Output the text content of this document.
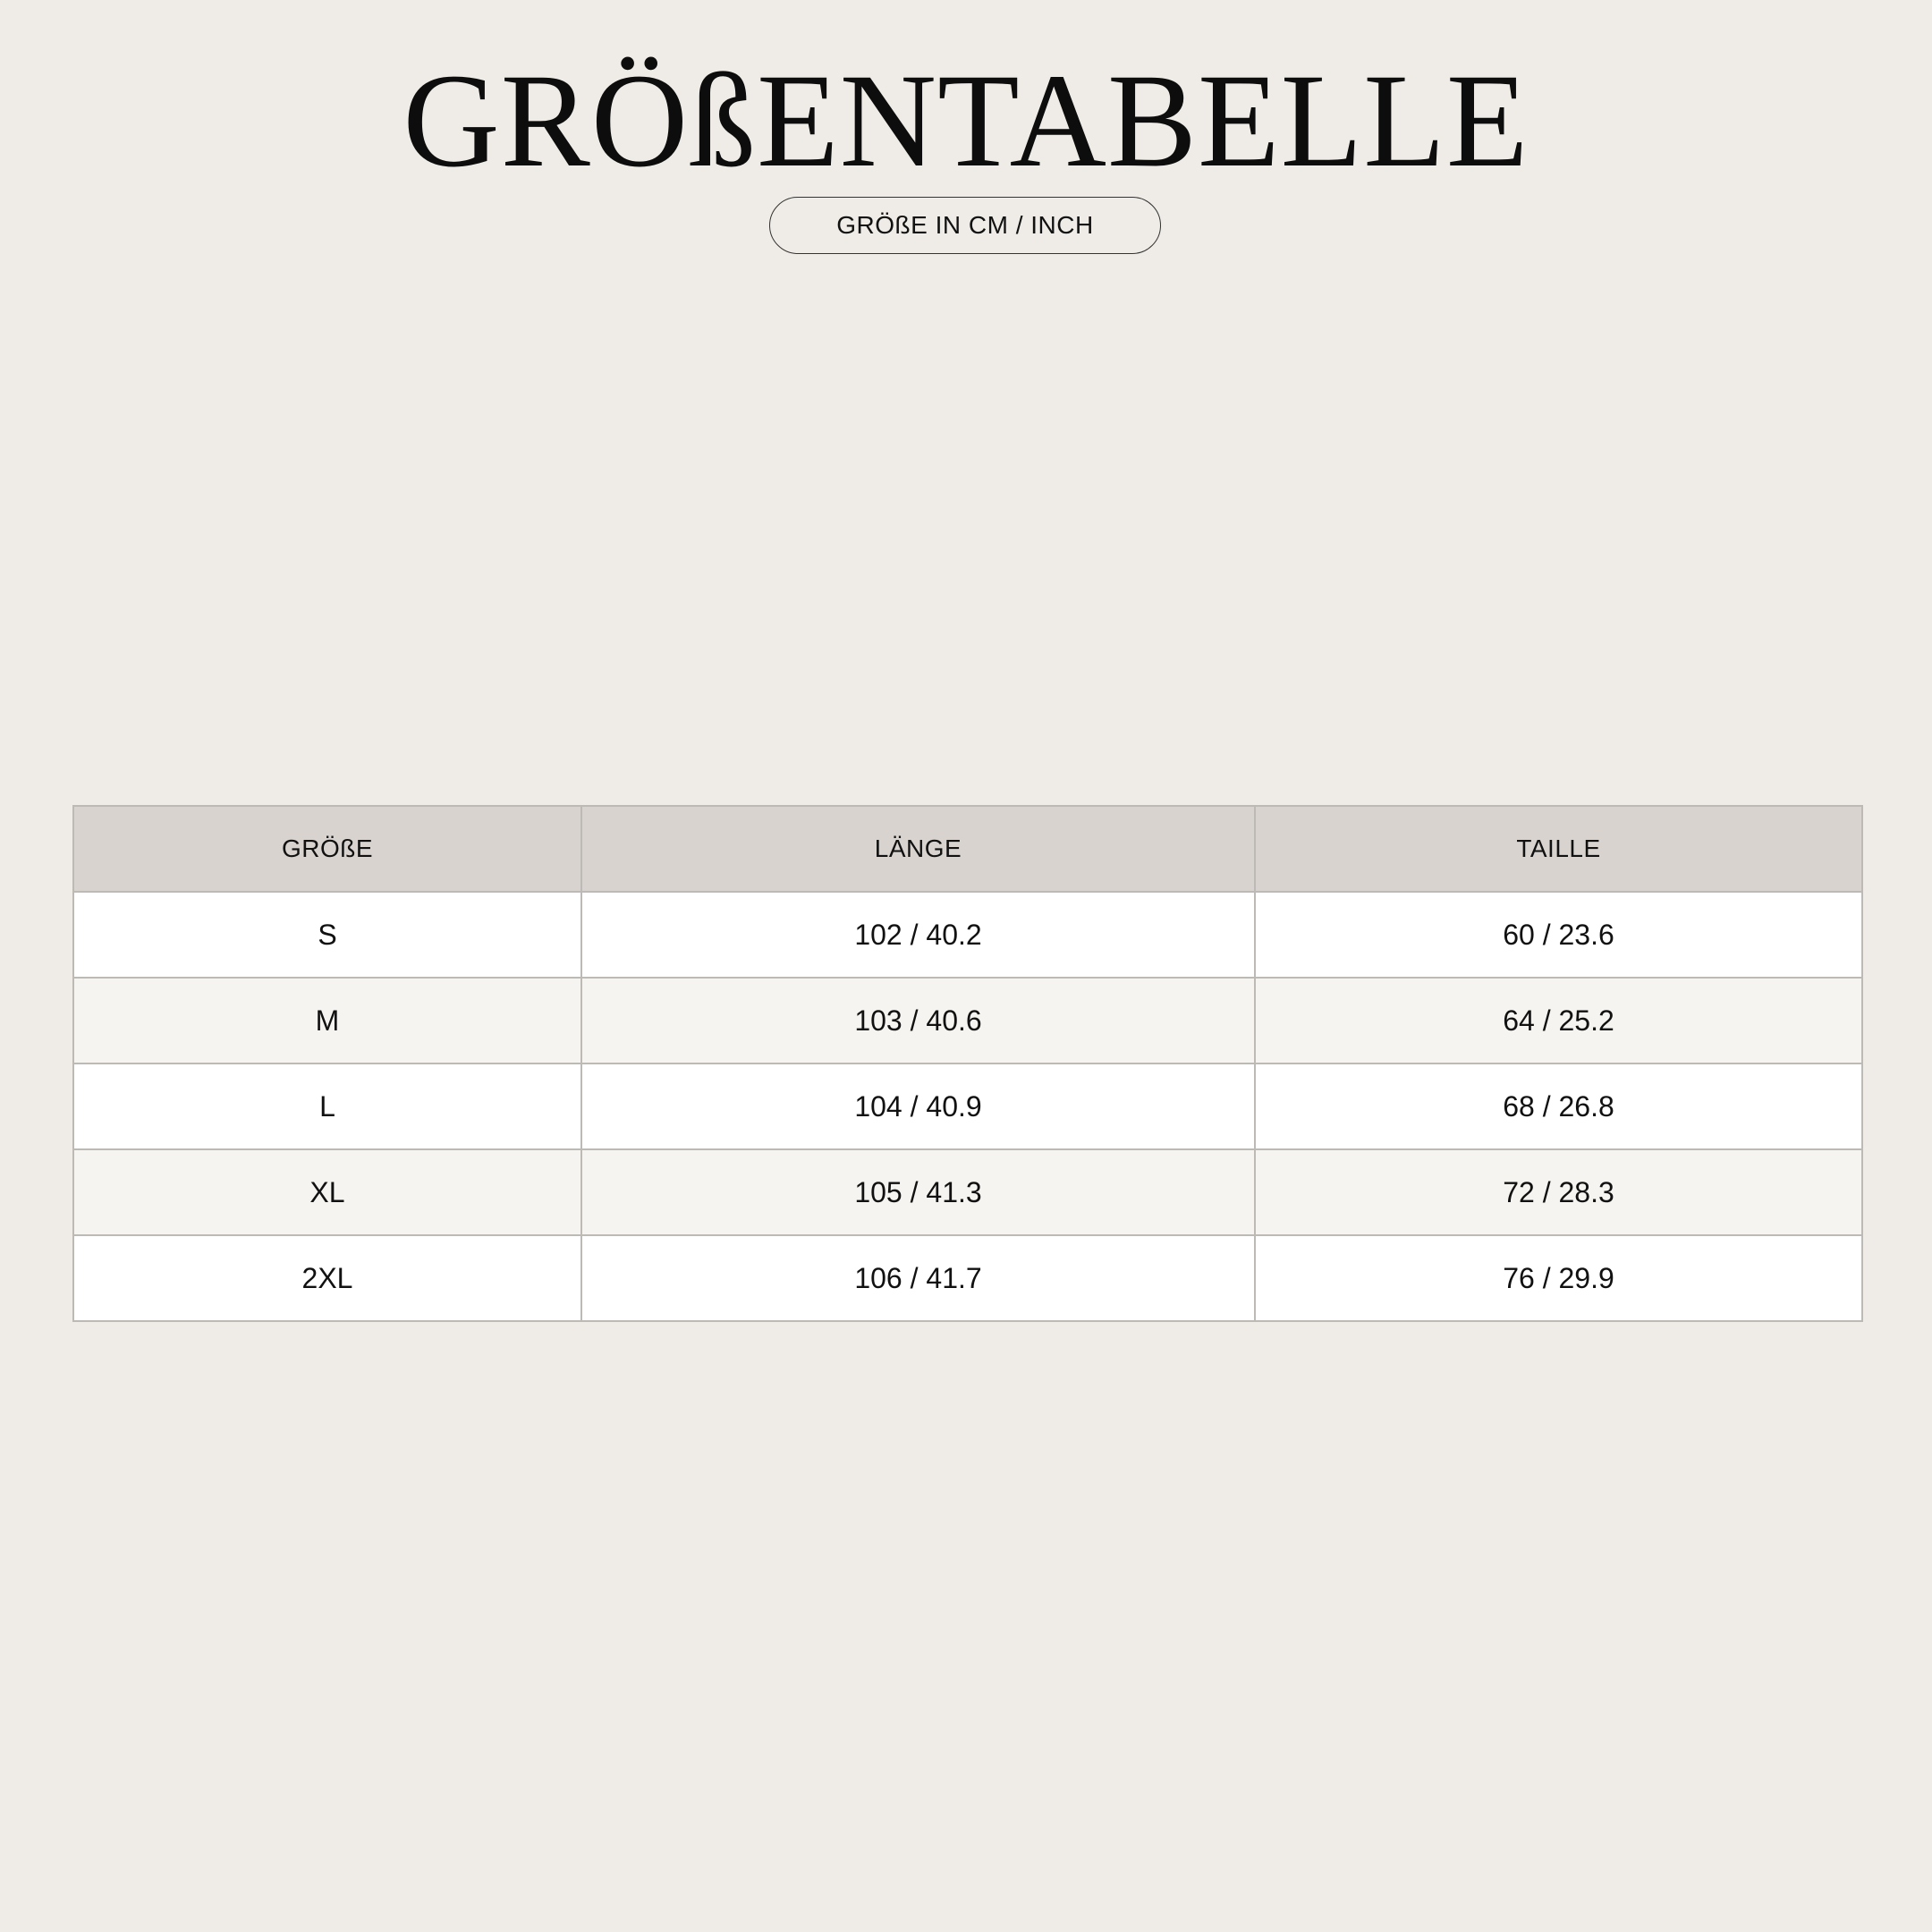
GRÖßENTABELLE
GRÖßE IN CM / INCH
GRÖßE	LÄNGE	TAILLE
S	102 / 40.2	60 / 23.6
M	103 / 40.6	64 / 25.2
L	104 / 40.9	68 / 26.8
XL	105 / 41.3	72 / 28.3
2XL	106 / 41.7	76 / 29.9
